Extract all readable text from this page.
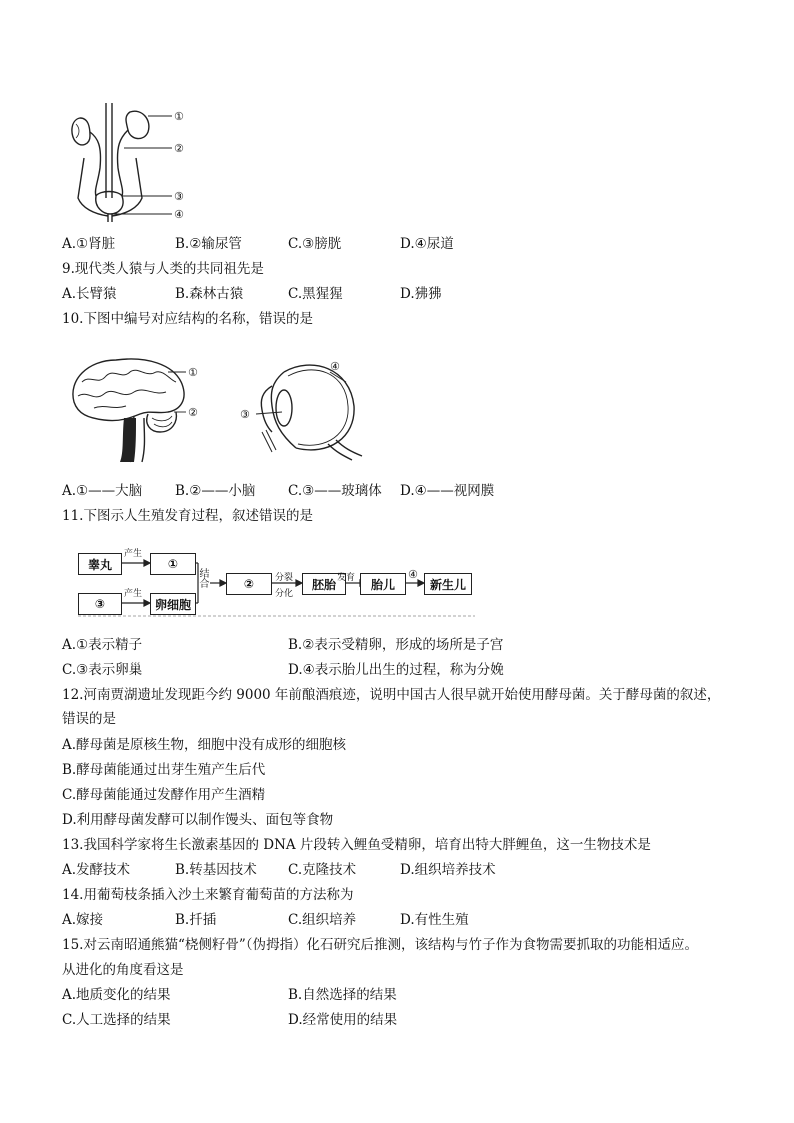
①
②
③
④
A.①肾脏	B.②输尿管	C.③膀胱	D.④尿道
9.现代类人猿与人类的共同祖先是
A.长臂猿	B.森林古猿	C.黑猩猩	D.狒狒
10.下图中编号对应结构的名称，错误的是
①
②
④
③
A.①——大脑 B.②——小脑 C.③——玻璃体 D.④——视网膜
11.下图示人生殖发育过程，叙述错误的是
睾丸	①
③	卵细胞
②	胚胎	胎儿	新生儿
产生
产生
结合	分裂
分化
发育	④
A.①表示精子	B.②表示受精卵，形成的场所是子宫
C.③表示卵巢	D.④表示胎儿出生的过程，称为分娩
12.河南贾湖遗址发现距今约 9000 年前酿酒痕迹，说明中国古人很早就开始使用酵母菌。关于酵母菌的叙述，
错误的是
A.酵母菌是原核生物，细胞中没有成形的细胞核
B.酵母菌能通过出芽生殖产生后代
C.酵母菌能通过发酵作用产生酒精
D.利用酵母菌发酵可以制作馒头、面包等食物
13.我国科学家将生长激素基因的 DNA 片段转入鲤鱼受精卵，培育出特大胖鲤鱼，这一生物技术是
A.发酵技术	B.转基因技术 C.克隆技术	D.组织培养技术
14.用葡萄枝条插入沙土来繁育葡萄苗的方法称为
A.嫁接	B.扦插	C.组织培养	D.有性生殖
15.对云南昭通熊猫“桡侧籽骨”（伪拇指）化石研究后推测，该结构与竹子作为食物需要抓取的功能相适应。
从进化的角度看这是
A.地质变化的结果	B.自然选择的结果
C.人工选择的结果	D.经常使用的结果
